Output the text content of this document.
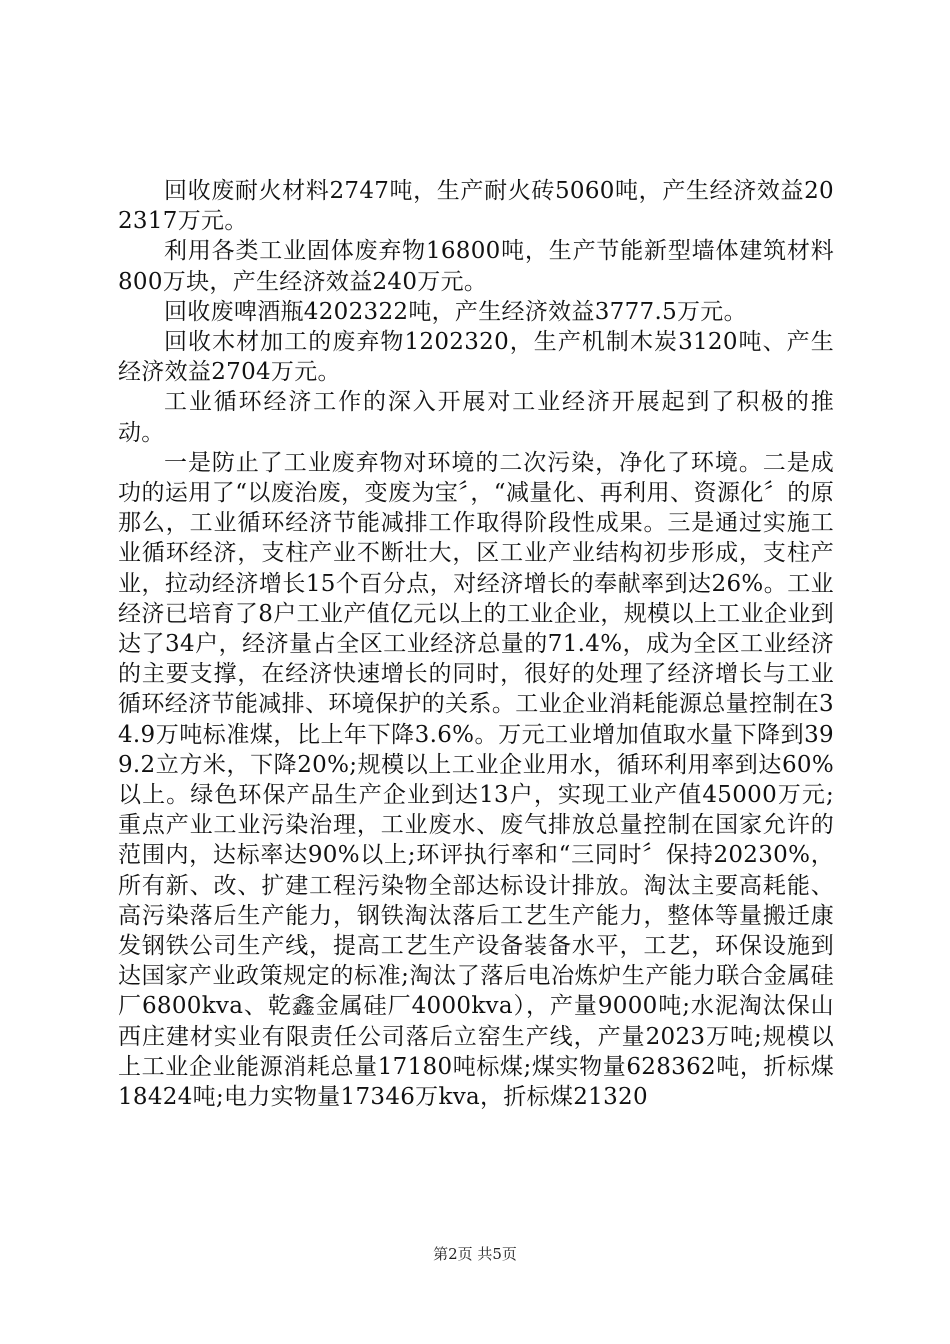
回收废耐火材料2747吨，生产耐火砖5060吨，产生经济效益202317万元。

利用各类工业固体废弃物16800吨，生产节能新型墙体建筑材料800万块，产生经济效益240万元。

回收废啤酒瓶4202322吨，产生经济效益3777.5万元。

回收木材加工的废弃物1202320，生产机制木炭3120吨、产生经济效益2704万元。

工业循环经济工作的深入开展对工业经济开展起到了积极的推动。

一是防止了工业废弃物对环境的二次污染，净化了环境。二是成功的运用了“以废治废，变废为宝〞，“减量化、再利用、资源化〞的原那么，工业循环经济节能减排工作取得阶段性成果。三是通过实施工业循环经济，支柱产业不断壮大，区工业产业结构初步形成，支柱产业，拉动经济增长15个百分点，对经济增长的奉献率到达26%。工业经济已培育了8户工业产值亿元以上的工业企业，规模以上工业企业到达了34户，经济量占全区工业经济总量的71.4%，成为全区工业经济的主要支撑，在经济快速增长的同时，很好的处理了经济增长与工业循环经济节能减排、环境保护的关系。工业企业消耗能源总量控制在34.9万吨标准煤，比上年下降3.6%。万元工业增加值取水量下降到399.2立方米，下降20%;规模以上工业企业用水，循环利用率到达60%以上。绿色环保产品生产企业到达13户，实现工业产值45000万元;重点产业工业污染治理，工业废水、废气排放总量控制在国家允许的范围内，达标率达90%以上;环评执行率和“三同时〞保持20230%，所有新、改、扩建工程污染物全部达标设计排放。淘汰主要高耗能、高污染落后生产能力，钢铁淘汰落后工艺生产能力，整体等量搬迁康发钢铁公司生产线，提高工艺生产设备装备水平，工艺，环保设施到达国家产业政策规定的标准;淘汰了落后电冶炼炉生产能力联合金属硅厂6800kva、乾鑫金属硅厂4000kva），产量9000吨;水泥淘汰保山西庄建材实业有限责任公司落后立窑生产线，产量2023万吨;规模以上工业企业能源消耗总量17180吨标煤;煤实物量628362吨，折标煤18424吨;电力实物量17346万kva，折标煤21320

第2页 共5页
